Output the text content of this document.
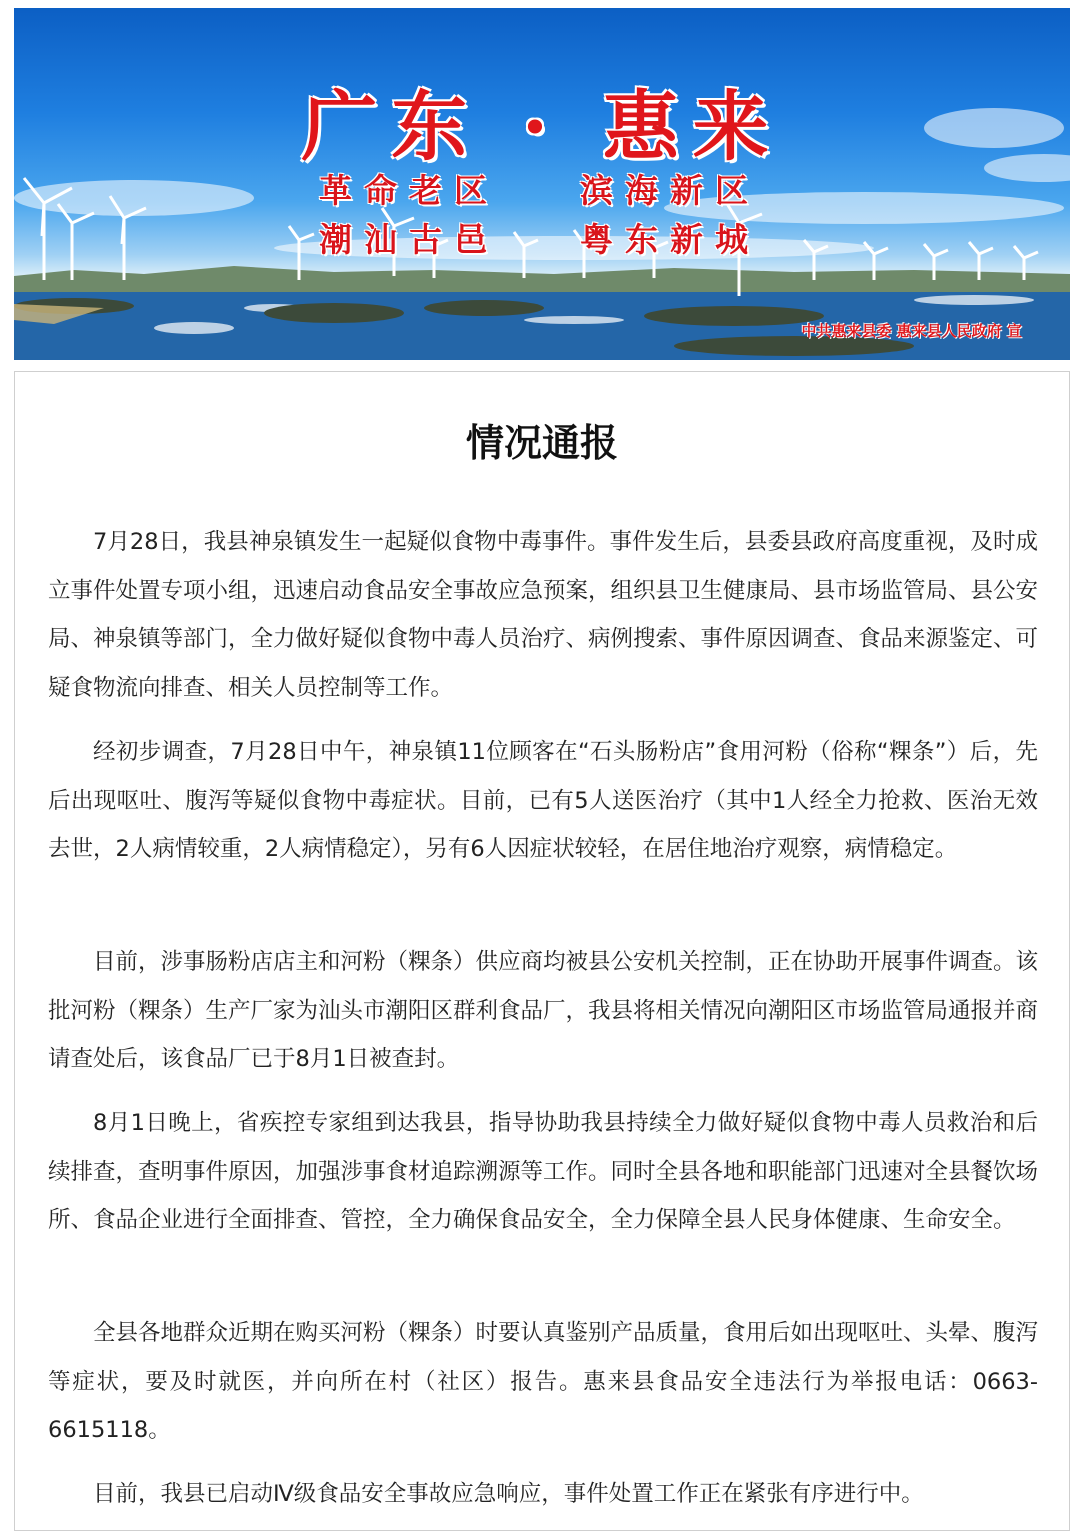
广东 · 惠来
革命老区 滨海新区
潮汕古邑 粤东新城
中共惠来县委 惠来县人民政府 宣
情况通报

7月28日，我县神泉镇发生一起疑似食物中毒事件。事件发生后，县委县政府高度重视，及时成立事件处置专项小组，迅速启动食品安全事故应急预案，组织县卫生健康局、县市场监管局、县公安局、神泉镇等部门，全力做好疑似食物中毒人员治疗、病例搜索、事件原因调查、食品来源鉴定、可疑食物流向排查、相关人员控制等工作。

经初步调查，7月28日中午，神泉镇11位顾客在“石头肠粉店”食用河粉（俗称“粿条”）后，先后出现呕吐、腹泻等疑似食物中毒症状。目前，已有5人送医治疗（其中1人经全力抢救、医治无效去世，2人病情较重，2人病情稳定），另有6人因症状较轻，在居住地治疗观察，病情稳定。

目前，涉事肠粉店店主和河粉（粿条）供应商均被县公安机关控制，正在协助开展事件调查。该批河粉（粿条）生产厂家为汕头市潮阳区群利食品厂，我县将相关情况向潮阳区市场监管局通报并商请查处后，该食品厂已于8月1日被查封。

8月1日晚上，省疾控专家组到达我县，指导协助我县持续全力做好疑似食物中毒人员救治和后续排查，查明事件原因，加强涉事食材追踪溯源等工作。同时全县各地和职能部门迅速对全县餐饮场所、食品企业进行全面排查、管控，全力确保食品安全，全力保障全县人民身体健康、生命安全。

全县各地群众近期在购买河粉（粿条）时要认真鉴别产品质量，食用后如出现呕吐、头晕、腹泻等症状，要及时就医，并向所在村（社区）报告。惠来县食品安全违法行为举报电话：0663-6615118。

目前，我县已启动Ⅳ级食品安全事故应急响应，事件处置工作正在紧张有序进行中。
